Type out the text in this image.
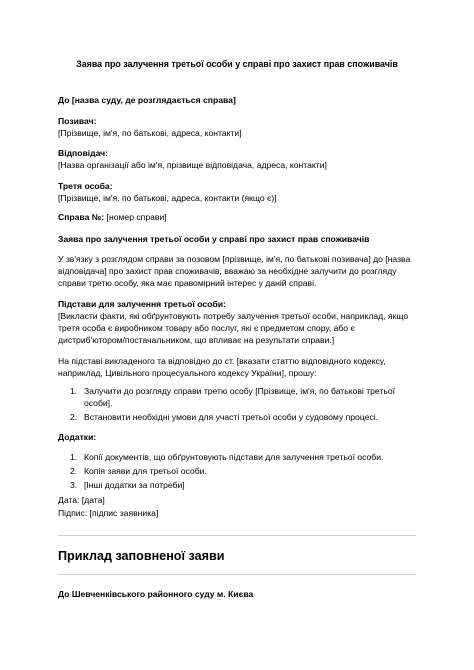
Заява про залучення третьої особи у справі про захист прав споживачів
До [назва суду, де розглядається справа]

Позивач:

[Прізвище, ім'я, по батькові, адреса, контакти]

Відповідач:

[Назва організації або ім'я, прізвище відповідача, адреса, контакти]

Третя особа:

[Прізвище, ім'я, по батькові, адреса, контакти (якщо є)]

Справа №: [номер справи]
Заява про залучення третьої особи у справі про захист прав споживачів
У зв'язку з розглядом справи за позовом [прізвище, ім'я, по батькові позивача] до [назва відповідача] про захист прав споживачів, вважаю за необхідне залучити до розгляду справи третю особу, яка має правомірний інтерес у даній справі.

Підстави для залучення третьої особи:

[Викласти факти, які обґрунтовують потребу залучення третьої особи, наприклад, якщо третя особа є виробником товару або послуг, які є предметом спору, або є дистриб'ютором/постачальником, що впливає на результати справи.]

На підставі викладеного та відповідно до ст. [вказати статтю відповідного кодексу, наприклад, Цивільного процесуального кодексу України], прошу:
1. Залучити до розгляду справи третю особу [Прізвище, ім'я, по батькові третьої особи].
2. Встановити необхідні умови для участі третьої особи у судовому процесі.
Додатки:
1. Копії документів, що обґрунтовують підстави для залучення третьої особи.
2. Копія заяви для третьої особи.
3. [Інші додатки за потреби]
Дата: [дата]
Підпис: [підпис заявника]
Приклад заповненої заяви
До Шевченківського районного суду м. Києва
